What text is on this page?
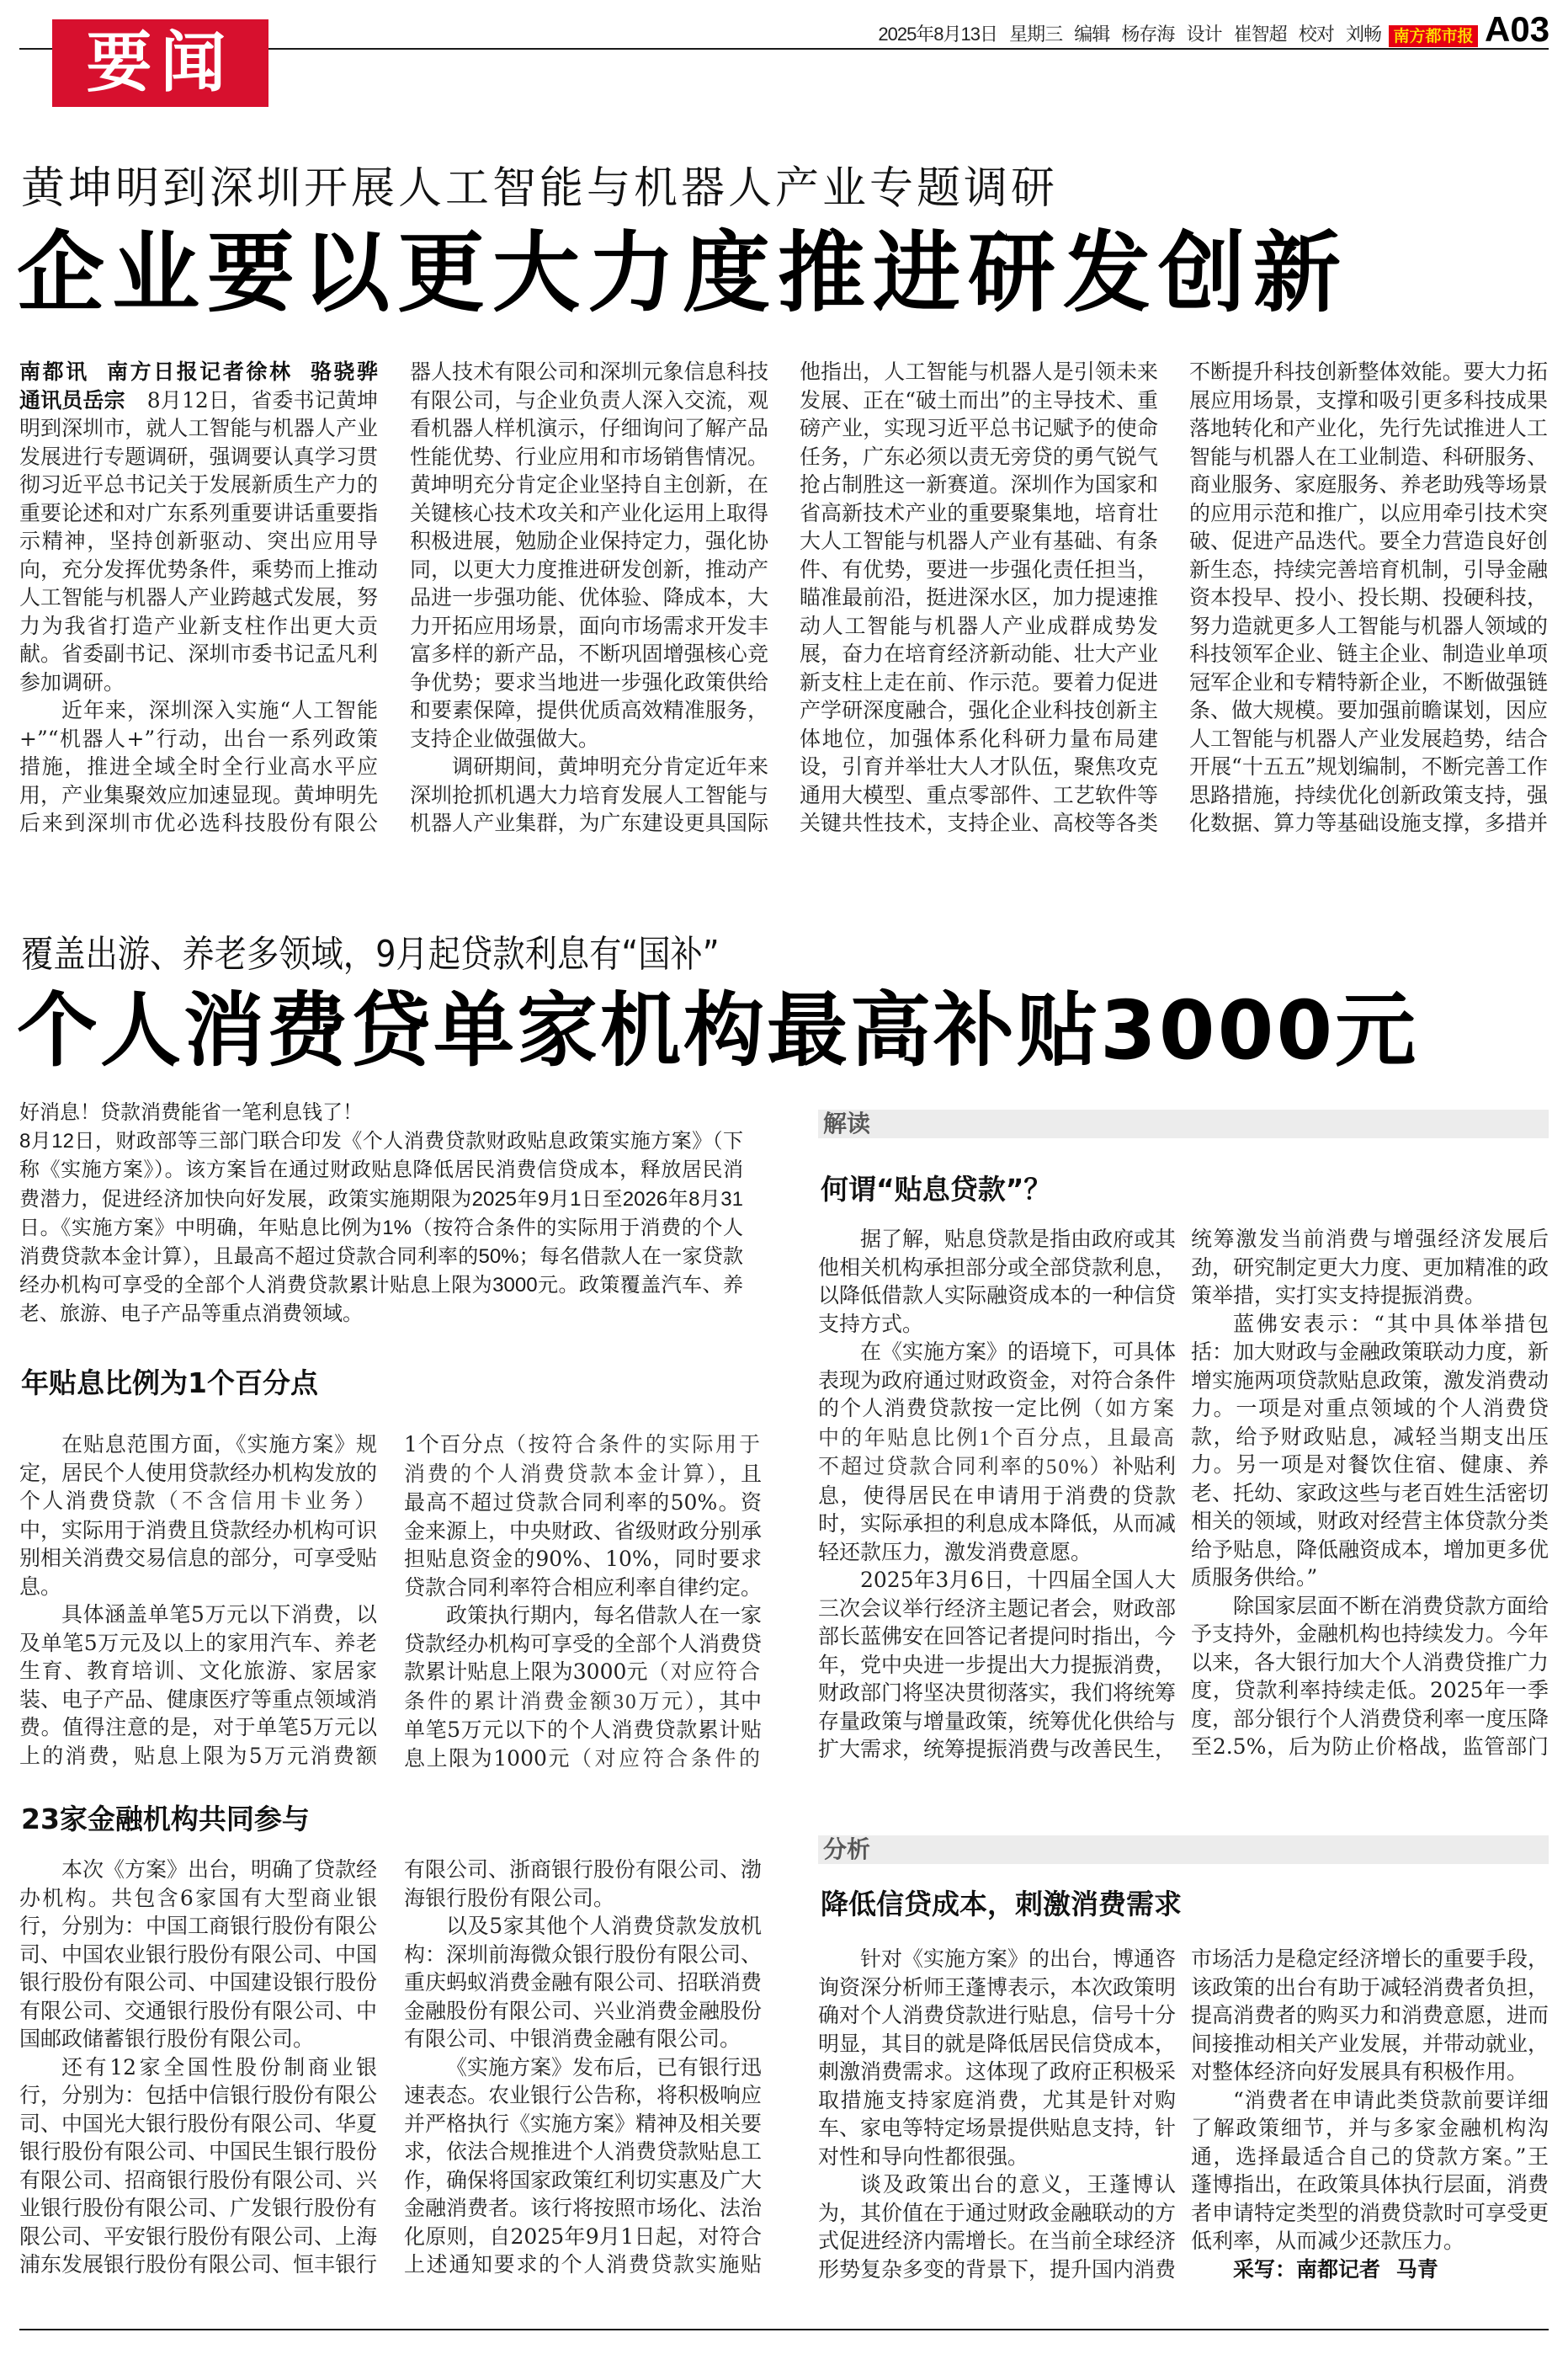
要闻	2025年8月13日 星期三 编辑 杨存海 设计 崔智超 校对 刘畅 南方都市报 A03
黄坤明到深圳开展人工智能与机器人产业专题调研
企业要以更大力度推进研发创新

南都讯 南方日报记者徐林 骆骁骅 通讯员岳宗 8月12日，省委书记黄坤明到深圳市，就人工智能与机器人产业发展进行专题调研，强调要认真学习贯彻习近平总书记关于发展新质生产力的重要论述和对广东系列重要讲话重要指示精神，坚持创新驱动、突出应用导向，充分发挥优势条件，乘势而上推动人工智能与机器人产业跨越式发展，努力为我省打造产业新支柱作出更大贡献。省委副书记、深圳市委书记孟凡利参加调研。

近年来，深圳深入实施“人工智能+”“机器人+”行动，出台一系列政策措施，推进全域全时全行业高水平应用，产业集聚效应加速显现。黄坤明先后来到深圳市优必选科技股份有限公

器人技术有限公司和深圳元象信息科技有限公司，与企业负责人深入交流，观看机器人样机演示，仔细询问了解产品性能优势、行业应用和市场销售情况。黄坤明充分肯定企业坚持自主创新，在关键核心技术攻关和产业化运用上取得积极进展，勉励企业保持定力，强化协同，以更大力度推进研发创新，推动产品进一步强功能、优体验、降成本，大力开拓应用场景，面向市场需求开发丰富多样的新产品，不断巩固增强核心竞争优势；要求当地进一步强化政策供给和要素保障，提供优质高效精准服务，支持企业做强做大。

调研期间，黄坤明充分肯定近年来深圳抢抓机遇大力培育发展人工智能与机器人产业集群，为广东建设更具国际

他指出，人工智能与机器人是引领未来发展、正在“破土而出”的主导技术、重磅产业，实现习近平总书记赋予的使命任务，广东必须以责无旁贷的勇气锐气抢占制胜这一新赛道。深圳作为国家和省高新技术产业的重要聚集地，培育壮大人工智能与机器人产业有基础、有条件、有优势，要进一步强化责任担当，瞄准最前沿，挺进深水区，加力提速推动人工智能与机器人产业成群成势发展，奋力在培育经济新动能、壮大产业新支柱上走在前、作示范。要着力促进产学研深度融合，强化企业科技创新主体地位，加强体系化科研力量布局建设，引育并举壮大人才队伍，聚焦攻克通用大模型、重点零部件、工艺软件等关键共性技术，支持企业、高校等各类

不断提升科技创新整体效能。要大力拓展应用场景，支撑和吸引更多科技成果落地转化和产业化，先行先试推进人工智能与机器人在工业制造、科研服务、商业服务、家庭服务、养老助残等场景的应用示范和推广，以应用牵引技术突破、促进产品迭代。要全力营造良好创新生态，持续完善培育机制，引导金融资本投早、投小、投长期、投硬科技，努力造就更多人工智能与机器人领域的科技领军企业、链主企业、制造业单项冠军企业和专精特新企业，不断做强链条、做大规模。要加强前瞻谋划，因应人工智能与机器人产业发展趋势，结合开展“十五五”规划编制，不断完善工作思路措施，持续优化创新政策支持，强化数据、算力等基础设施支撑，多措并

覆盖出游、养老多领域，9月起贷款利息有“国补”
个人消费贷单家机构最高补贴3000元

好消息！贷款消费能省一笔利息钱了！

8月12日，财政部等三部门联合印发《个人消费贷款财政贴息政策实施方案》（下称《实施方案》）。该方案旨在通过财政贴息降低居民消费信贷成本，释放居民消费潜力，促进经济加快向好发展，政策实施期限为2025年9月1日至2026年8月31日。《实施方案》中明确，年贴息比例为1%（按符合条件的实际用于消费的个人消费贷款本金计算），且最高不超过贷款合同利率的50%；每名借款人在一家贷款经办机构可享受的全部个人消费贷款累计贴息上限为3000元。政策覆盖汽车、养老、旅游、电子产品等重点消费领域。

年贴息比例为1个百分点

在贴息范围方面，《实施方案》规定，居民个人使用贷款经办机构发放的个人消费贷款（不含信用卡业务）中，实际用于消费且贷款经办机构可识别相关消费交易信息的部分，可享受贴息。

具体涵盖单笔5万元以下消费，以及单笔5万元及以上的家用汽车、养老生育、教育培训、文化旅游、家居家装、电子产品、健康医疗等重点领域消费。值得注意的是，对于单笔5万元以上的消费，贴息上限为5万元消费额

1个百分点（按符合条件的实际用于消费的个人消费贷款本金计算），且最高不超过贷款合同利率的50%。资金来源上，中央财政、省级财政分别承担贴息资金的90%、10%，同时要求贷款合同利率符合相应利率自律约定。

政策执行期内，每名借款人在一家贷款经办机构可享受的全部个人消费贷款累计贴息上限为3000元（对应符合条件的累计消费金额30万元），其中单笔5万元以下的个人消费贷款累计贴息上限为1000元（对应符合条件的

23家金融机构共同参与

本次《方案》出台，明确了贷款经办机构。共包含6家国有大型商业银行，分别为：中国工商银行股份有限公司、中国农业银行股份有限公司、中国银行股份有限公司、中国建设银行股份有限公司、交通银行股份有限公司、中国邮政储蓄银行股份有限公司。

还有12家全国性股份制商业银行，分别为：包括中信银行股份有限公司、中国光大银行股份有限公司、华夏银行股份有限公司、中国民生银行股份有限公司、招商银行股份有限公司、兴业银行股份有限公司、广发银行股份有限公司、平安银行股份有限公司、上海浦东发展银行股份有限公司、恒丰银行

有限公司、浙商银行股份有限公司、渤海银行股份有限公司。

以及5家其他个人消费贷款发放机构：深圳前海微众银行股份有限公司、重庆蚂蚁消费金融有限公司、招联消费金融股份有限公司、兴业消费金融股份有限公司、中银消费金融有限公司。

《实施方案》发布后，已有银行迅速表态。农业银行公告称，将积极响应并严格执行《实施方案》精神及相关要求，依法合规推进个人消费贷款贴息工作，确保将国家政策红利切实惠及广大金融消费者。该行将按照市场化、法治化原则，自2025年9月1日起，对符合上述通知要求的个人消费贷款实施贴

解读
何谓“贴息贷款”？

据了解，贴息贷款是指由政府或其他相关机构承担部分或全部贷款利息，以降低借款人实际融资成本的一种信贷支持方式。

在《实施方案》的语境下，可具体表现为政府通过财政资金，对符合条件的个人消费贷款按一定比例（如方案中的年贴息比例1个百分点，且最高不超过贷款合同利率的50%）补贴利息，使得居民在申请用于消费的贷款时，实际承担的利息成本降低，从而减轻还款压力，激发消费意愿。

2025年3月6日，十四届全国人大三次会议举行经济主题记者会，财政部部长蓝佛安在回答记者提问时指出，今年，党中央进一步提出大力提振消费，财政部门将坚决贯彻落实，我们将统筹存量政策与增量政策，统筹优化供给与扩大需求，统筹提振消费与改善民生，

统筹激发当前消费与增强经济发展后劲，研究制定更大力度、更加精准的政策举措，实打实支持提振消费。

蓝佛安表示：“其中具体举措包括：加大财政与金融政策联动力度，新增实施两项贷款贴息政策，激发消费动力。一项是对重点领域的个人消费贷款，给予财政贴息，减轻当期支出压力。另一项是对餐饮住宿、健康、养老、托幼、家政这些与老百姓生活密切相关的领域，财政对经营主体贷款分类给予贴息，降低融资成本，增加更多优质服务供给。”

除国家层面不断在消费贷款方面给予支持外，金融机构也持续发力。今年以来，各大银行加大个人消费贷推广力度，贷款利率持续走低。2025年一季度，部分银行个人消费贷利率一度压降至2.5%，后为防止价格战，监管部门

分析
降低信贷成本，刺激消费需求

针对《实施方案》的出台，博通咨询资深分析师王蓬博表示，本次政策明确对个人消费贷款进行贴息，信号十分明显，其目的就是降低居民信贷成本，刺激消费需求。这体现了政府正积极采取措施支持家庭消费，尤其是针对购车、家电等特定场景提供贴息支持，针对性和导向性都很强。

谈及政策出台的意义，王蓬博认为，其价值在于通过财政金融联动的方式促进经济内需增长。在当前全球经济形势复杂多变的背景下，提升国内消费

市场活力是稳定经济增长的重要手段，该政策的出台有助于减轻消费者负担，提高消费者的购买力和消费意愿，进而间接推动相关产业发展，并带动就业，对整体经济向好发展具有积极作用。

“消费者在申请此类贷款前要详细了解政策细节，并与多家金融机构沟通，选择最适合自己的贷款方案。”王蓬博指出，在政策具体执行层面，消费者申请特定类型的消费贷款时可享受更低利率，从而减少还款压力。

采写：南都记者 马青
